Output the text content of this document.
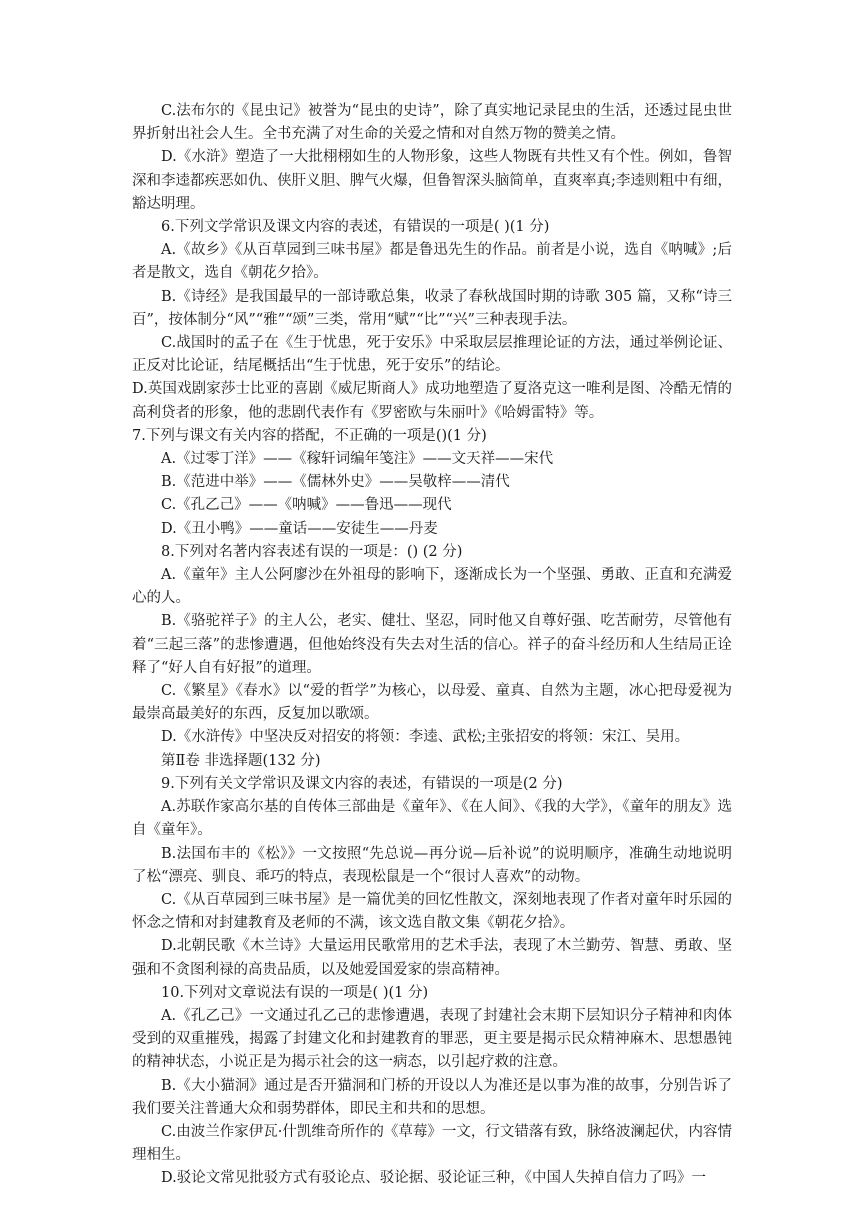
C.法布尔的《昆虫记》被誉为“昆虫的史诗”，除了真实地记录昆虫的生活，还透过昆虫世界折射出社会人生。全书充满了对生命的关爱之情和对自然万物的赞美之情。

D.《水浒》塑造了一大批栩栩如生的人物形象，这些人物既有共性又有个性。例如，鲁智深和李逵都疾恶如仇、侠肝义胆、脾气火爆，但鲁智深头脑简单，直爽率真;李逵则粗中有细，豁达明理。

6.下列文学常识及课文内容的表述，有错误的一项是( )(1 分)

A.《故乡》《从百草园到三味书屋》都是鲁迅先生的作品。前者是小说，选自《呐喊》;后者是散文，选自《朝花夕拾》。

B.《诗经》是我国最早的一部诗歌总集，收录了春秋战国时期的诗歌 305 篇，又称“诗三百”，按体制分“风”“雅”“颂”三类，常用“赋”“比”“兴”三种表现手法。

C.战国时的孟子在《生于忧患，死于安乐》中采取层层推理论证的方法，通过举例论证、正反对比论证，结尾概括出“生于忧患，死于安乐”的结论。

D.英国戏剧家莎士比亚的喜剧《威尼斯商人》成功地塑造了夏洛克这一唯利是图、冷酷无情的高利贷者的形象，他的悲剧代表作有《罗密欧与朱丽叶》《哈姆雷特》等。

7.下列与课文有关内容的搭配，不正确的一项是()(1 分)

A.《过零丁洋》——《稼轩词编年笺注》——文天祥——宋代

B.《范进中举》——《儒林外史》——吴敬梓——清代

C.《孔乙己》——《呐喊》——鲁迅——现代

D.《丑小鸭》——童话——安徒生——丹麦

8.下列对名著内容表述有误的一项是：() (2 分)

A.《童年》主人公阿廖沙在外祖母的影响下，逐渐成长为一个坚强、勇敢、正直和充满爱心的人。

B.《骆驼祥子》的主人公，老实、健壮、坚忍，同时他又自尊好强、吃苦耐劳，尽管他有着“三起三落”的悲惨遭遇，但他始终没有失去对生活的信心。祥子的奋斗经历和人生结局正诠释了“好人自有好报”的道理。

C.《繁星》《春水》以“爱的哲学”为核心，以母爱、童真、自然为主题，冰心把母爱视为最崇高最美好的东西，反复加以歌颂。

D.《水浒传》中坚决反对招安的将领：李逵、武松;主张招安的将领：宋江、吴用。

第Ⅱ卷 非选择题(132 分)

9.下列有关文学常识及课文内容的表述，有错误的一项是(2 分)

A.苏联作家高尔基的自传体三部曲是《童年》、《在人间》、《我的大学》，《童年的朋友》选自《童年》。

B.法国布丰的《松》》一文按照“先总说—再分说—后补说”的说明顺序，准确生动地说明了松“漂亮、驯良、乖巧的特点，表现松鼠是一个“很讨人喜欢”的动物。

C.《从百草园到三味书屋》是一篇优美的回忆性散文，深刻地表现了作者对童年时乐园的怀念之情和对封建教育及老师的不满，该文选自散文集《朝花夕拾》。

D.北朝民歌《木兰诗》大量运用民歌常用的艺术手法，表现了木兰勤劳、智慧、勇敢、坚强和不贪图利禄的高贵品质，以及她爱国爱家的崇高精神。

10.下列对文章说法有误的一项是( )(1 分)

A.《孔乙己》一文通过孔乙己的悲惨遭遇，表现了封建社会末期下层知识分子精神和肉体受到的双重摧残，揭露了封建文化和封建教育的罪恶，更主要是揭示民众精神麻木、思想愚钝的精神状态，小说正是为揭示社会的这一病态，以引起疗救的注意。

B.《大小猫洞》通过是否开猫洞和门桥的开设以人为准还是以事为准的故事，分别告诉了我们要关注普通大众和弱势群体，即民主和共和的思想。

C.由波兰作家伊瓦·什凯维奇所作的《草莓》一文，行文错落有致，脉络波澜起伏，内容情理相生。

D.驳论文常见批驳方式有驳论点、驳论据、驳论证三种，《中国人失掉自信力了吗》一
